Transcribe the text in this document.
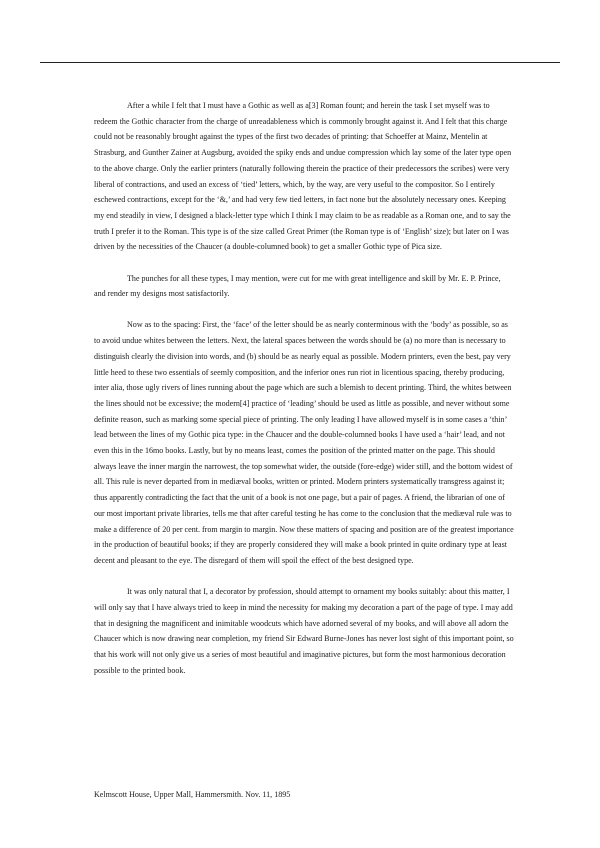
After a while I felt that I must have a Gothic as well as a[3] Roman fount; and herein the task I set myself was to redeem the Gothic character from the charge of unreadableness which is commonly brought against it. And I felt that this charge could not be reasonably brought against the types of the first two decades of printing: that Schoeffer at Mainz, Mentelin at Strasburg, and Gunther Zainer at Augsburg, avoided the spiky ends and undue compression which lay some of the later type open to the above charge. Only the earlier printers (naturally following therein the practice of their predecessors the scribes) were very liberal of contractions, and used an excess of ‘tied’ letters, which, by the way, are very useful to the compositor. So I entirely eschewed contractions, except for the ‘&,’ and had very few tied letters, in fact none but the absolutely necessary ones. Keeping my end steadily in view, I designed a black-letter type which I think I may claim to be as readable as a Roman one, and to say the truth I prefer it to the Roman. This type is of the size called Great Primer (the Roman type is of ‘English’ size); but later on I was driven by the necessities of the Chaucer (a double-columned book) to get a smaller Gothic type of Pica size.

The punches for all these types, I may mention, were cut for me with great intelligence and skill by Mr. E. P. Prince, and render my designs most satisfactorily.

Now as to the spacing: First, the ‘face’ of the letter should be as nearly conterminous with the ‘body’ as possible, so as to avoid undue whites between the letters. Next, the lateral spaces between the words should be (a) no more than is necessary to distinguish clearly the division into words, and (b) should be as nearly equal as possible. Modern printers, even the best, pay very little heed to these two essentials of seemly composition, and the inferior ones run riot in licentious spacing, thereby producing, inter alia, those ugly rivers of lines running about the page which are such a blemish to decent printing. Third, the whites between the lines should not be excessive; the modern[4] practice of ‘leading’ should be used as little as possible, and never without some definite reason, such as marking some special piece of printing. The only leading I have allowed myself is in some cases a ‘thin’ lead between the lines of my Gothic pica type: in the Chaucer and the double-columned books I have used a ‘hair’ lead, and not even this in the 16mo books. Lastly, but by no means least, comes the position of the printed matter on the page. This should always leave the inner margin the narrowest, the top somewhat wider, the outside (fore-edge) wider still, and the bottom widest of all. This rule is never departed from in mediæval books, written or printed. Modern printers systematically transgress against it; thus apparently contradicting the fact that the unit of a book is not one page, but a pair of pages. A friend, the librarian of one of our most important private libraries, tells me that after careful testing he has come to the conclusion that the mediæval rule was to make a difference of 20 per cent. from margin to margin. Now these matters of spacing and position are of the greatest importance in the production of beautiful books; if they are properly considered they will make a book printed in quite ordinary type at least decent and pleasant to the eye. The disregard of them will spoil the effect of the best designed type.

It was only natural that I, a decorator by profession, should attempt to ornament my books suitably: about this matter, I will only say that I have always tried to keep in mind the necessity for making my decoration a part of the page of type. I may add that in designing the magnificent and inimitable woodcuts which have adorned several of my books, and will above all adorn the Chaucer which is now drawing near completion, my friend Sir Edward Burne-Jones has never lost sight of this important point, so that his work will not only give us a series of most beautiful and imaginative pictures, but form the most harmonious decoration possible to the printed book.

Kelmscott House, Upper Mall, Hammersmith. Nov. 11, 1895
